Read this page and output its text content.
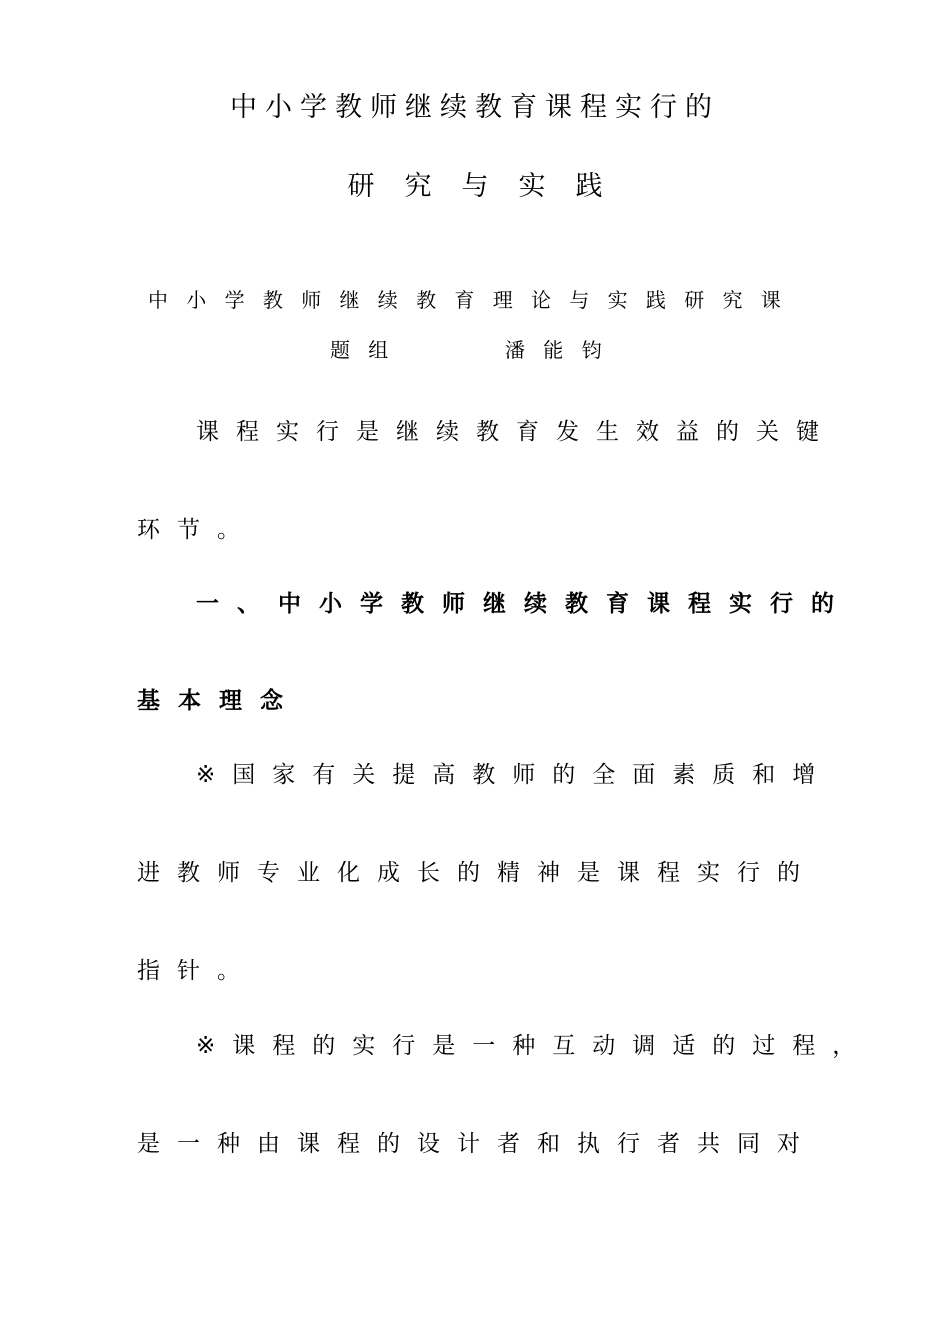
中小学教师继续教育课程实行的
研究与实践
中小学教师继续教育理论与实践研究课
题组	潘能钧
课程实行是继续教育发生效益的关键
环节。
一、中小学教师继续教育课程实行的
基本理念
※国家有关提高教师的全面素质和增
进教师专业化成长的精神是课程实行的
指针。
※课程的实行是一种互动调适的过程，
是一种由课程的设计者和执行者共同对
